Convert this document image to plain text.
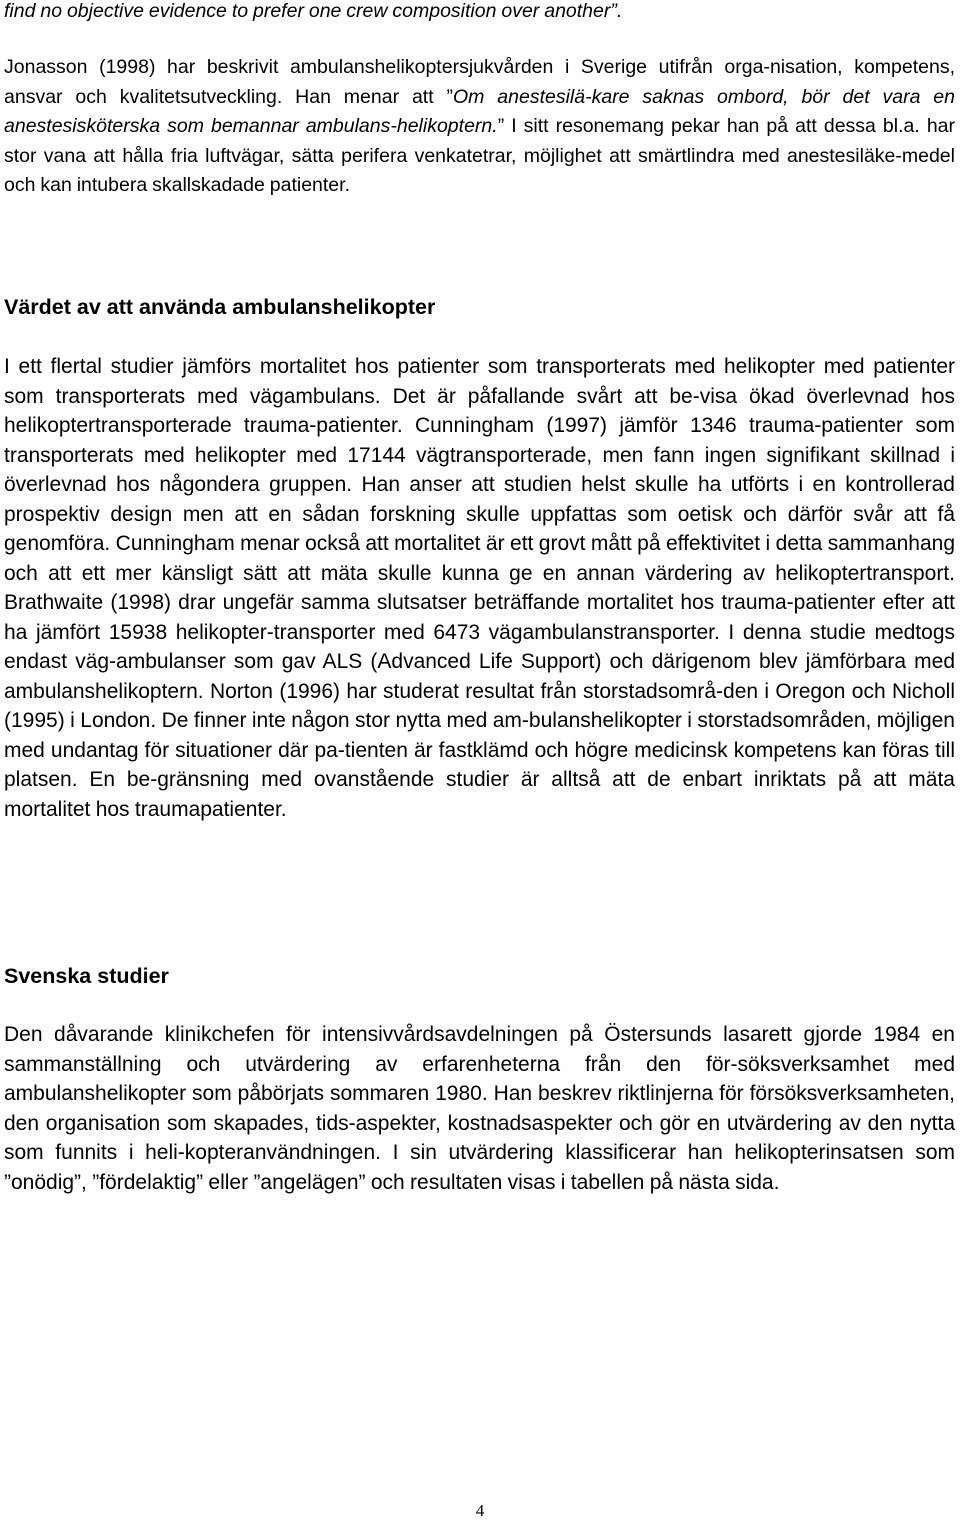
find no objective evidence to prefer one crew composition over another”.
Jonasson (1998) har beskrivit ambulanshelikoptersjukvården i Sverige utifrån orga-nisation, kompetens, ansvar och kvalitetsutveckling. Han menar att ”Om anestesilä-kare saknas ombord, bör det vara en anestesisköterska som bemannar ambulans-helikoptern.” I sitt resonemang pekar han på att dessa bl.a. har stor vana att hålla fria luftvägar, sätta perifera venkatetrar, möjlighet att smärtlindra med anestesiläke-medel och kan intubera skallskadade patienter.
Värdet av att använda ambulanshelikopter
I ett flertal studier jämförs mortalitet hos patienter som transporterats med helikopter med patienter som transporterats med vägambulans. Det är påfallande svårt att be-visa ökad överlevnad hos helikoptertransporterade trauma-patienter. Cunningham (1997) jämför 1346 trauma-patienter som transporterats med helikopter med 17144 vägtransporterade, men fann ingen signifikant skillnad i överlevnad hos någondera gruppen. Han anser att studien helst skulle ha utförts i en kontrollerad prospektiv design men att en sådan forskning skulle uppfattas som oetisk och därför svår att få genomföra. Cunningham menar också att mortalitet är ett grovt mått på effektivitet i detta sammanhang och att ett mer känsligt sätt att mäta skulle kunna ge en annan värdering av helikoptertransport. Brathwaite (1998) drar ungefär samma slutsatser beträffande mortalitet hos trauma-patienter efter att ha jämfört 15938 helikopter-transporter med 6473 vägambulanstransporter. I denna studie medtogs endast väg-ambulanser som gav ALS (Advanced Life Support) och därigenom blev jämförbara med ambulanshelikoptern. Norton (1996) har studerat resultat från storstadsområ-den i Oregon och Nicholl (1995) i London. De finner inte någon stor nytta med am-bulanshelikopter i storstadsområden, möjligen med undantag för situationer där pa-tienten är fastklämd och högre medicinsk kompetens kan föras till platsen. En be-gränsning med ovanstående studier är alltså att de enbart inriktats på att mäta mortalitet hos traumapatienter.
Svenska studier
Den dåvarande klinikchefen för intensivvårdsavdelningen på Östersunds lasarett gjorde 1984 en sammanställning och utvärdering av erfarenheterna från den för-söksverksamhet med ambulanshelikopter som påbörjats sommaren 1980. Han beskrev riktlinjerna för försöksverksamheten, den organisation som skapades, tids-aspekter, kostnadsaspekter och gör en utvärdering av den nytta som funnits i heli-kopteranvändningen. I sin utvärdering klassificerar han helikopterinsatsen som ”onödig”, ”fördelaktig” eller ”angelägen” och resultaten visas i tabellen på nästa sida.
4
